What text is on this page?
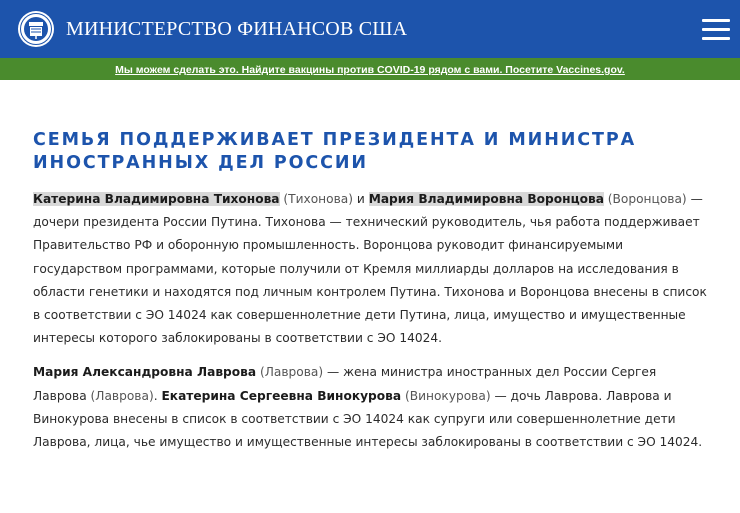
МИНИСТЕРСТВО ФИНАНСОВ США
Мы можем сделать это. Найдите вакцины против COVID-19 рядом с вами. Посетите Vaccines.gov.
СЕМЬЯ ПОДДЕРЖИВАЕТ ПРЕЗИДЕНТА И МИНИСТРА ИНОСТРАННЫХ ДЕЛ РОССИИ

Катерина Владимировна Тихонова (Тихонова) и Мария Владимировна Воронцова (Воронцова) — дочери президента России Путина. Тихонова — технический руководитель, чья работа поддерживает Правительство РФ и оборонную промышленность. Воронцова руководит финансируемыми государством программами, которые получили от Кремля миллиарды долларов на исследования в области генетики и находятся под личным контролем Путина. Тихонова и Воронцова внесены в список в соответствии с ЭО 14024 как совершеннолетние дети Путина, лица, имущество и имущественные интересы которого заблокированы в соответствии с ЭО 14024.

Мария Александровна Лаврова (Лаврова) — жена министра иностранных дел России Сергея Лаврова (Лаврова). Екатерина Сергеевна Винокурова (Винокурова) — дочь Лаврова. Лаврова и Винокурова внесены в список в соответствии с ЭО 14024 как супруги или совершеннолетние дети Лаврова, лица, чье имущество и имущественные интересы заблокированы в соответствии с ЭО 14024.
